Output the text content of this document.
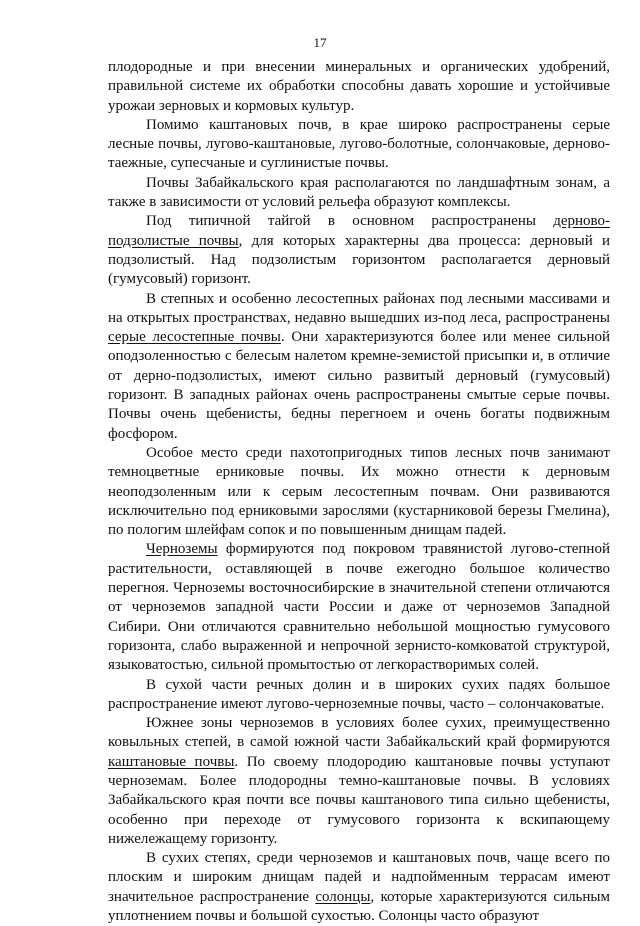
17

плодородные и при внесении минеральных и органических удобрений, правильной системе их обработки способны давать хорошие и устойчивые урожаи зерновых и кормовых культур.

Помимо каштановых почв, в крае широко распространены серые лесные почвы, лугово-каштановые, лугово-болотные, солончаковые, дерново-таежные, супесчаные и суглинистые почвы.

Почвы Забайкальского края располагаются по ландшафтным зонам, а также в зависимости от условий рельефа образуют комплексы.

Под типичной тайгой в основном распространены дерново-подзолистые почвы, для которых характерны два процесса: дерновый и подзолистый. Над подзолистым горизонтом располагается дерновый (гумусовый) горизонт.

В степных и особенно лесостепных районах под лесными массивами и на открытых пространствах, недавно вышедших из-под леса, распространены серые лесостепные почвы. Они характеризуются более или менее сильной оподзоленностью с белесым налетом кремне-земистой присыпки и, в отличие от дерно-подзолистых, имеют сильно развитый дерновый (гумусовый) горизонт. В западных районах очень распространены смытые серые почвы. Почвы очень щебенисты, бедны перегноем и очень богаты подвижным фосфором.

Особое место среди пахотопригодных типов лесных почв занимают темноцветные ерниковые почвы. Их можно отнести к дерновым неоподзоленным или к серым лесостепным почвам. Они развиваются исключительно под ерниковыми зарослями (кустарниковой березы Гмелина), по пологим шлейфам сопок и по повышенным днищам падей.

Черноземы формируются под покровом травянистой лугово-степной растительности, оставляющей в почве ежегодно большое количество перегноя. Черноземы восточносибирские в значительной степени отличаются от черноземов западной части России и даже от черноземов Западной Сибири. Они отличаются сравнительно небольшой мощностью гумусового горизонта, слабо выраженной и непрочной зернисто-комковатой структурой, языковатостью, сильной промытостью от легкорастворимых солей.

В сухой части речных долин и в широких сухих падях большое распространение имеют лугово-черноземные почвы, часто – солончаковатые.

Южнее зоны черноземов в условиях более сухих, преимущественно ковыльных степей, в самой южной части Забайкальский край формируются каштановые почвы. По своему плодородию каштановые почвы уступают черноземам. Более плодородны темно-каштановые почвы. В условиях Забайкальского края почти все почвы каштанового типа сильно щебенисты, особенно при переходе от гумусового горизонта к вскипающему нижележащему горизонту.

В сухих степях, среди черноземов и каштановых почв, чаще всего по плоским и широким днищам падей и надпойменным террасам имеют значительное распространение солонцы, которые характеризуются сильным уплотнением почвы и большой сухостью. Солонцы часто образуют
